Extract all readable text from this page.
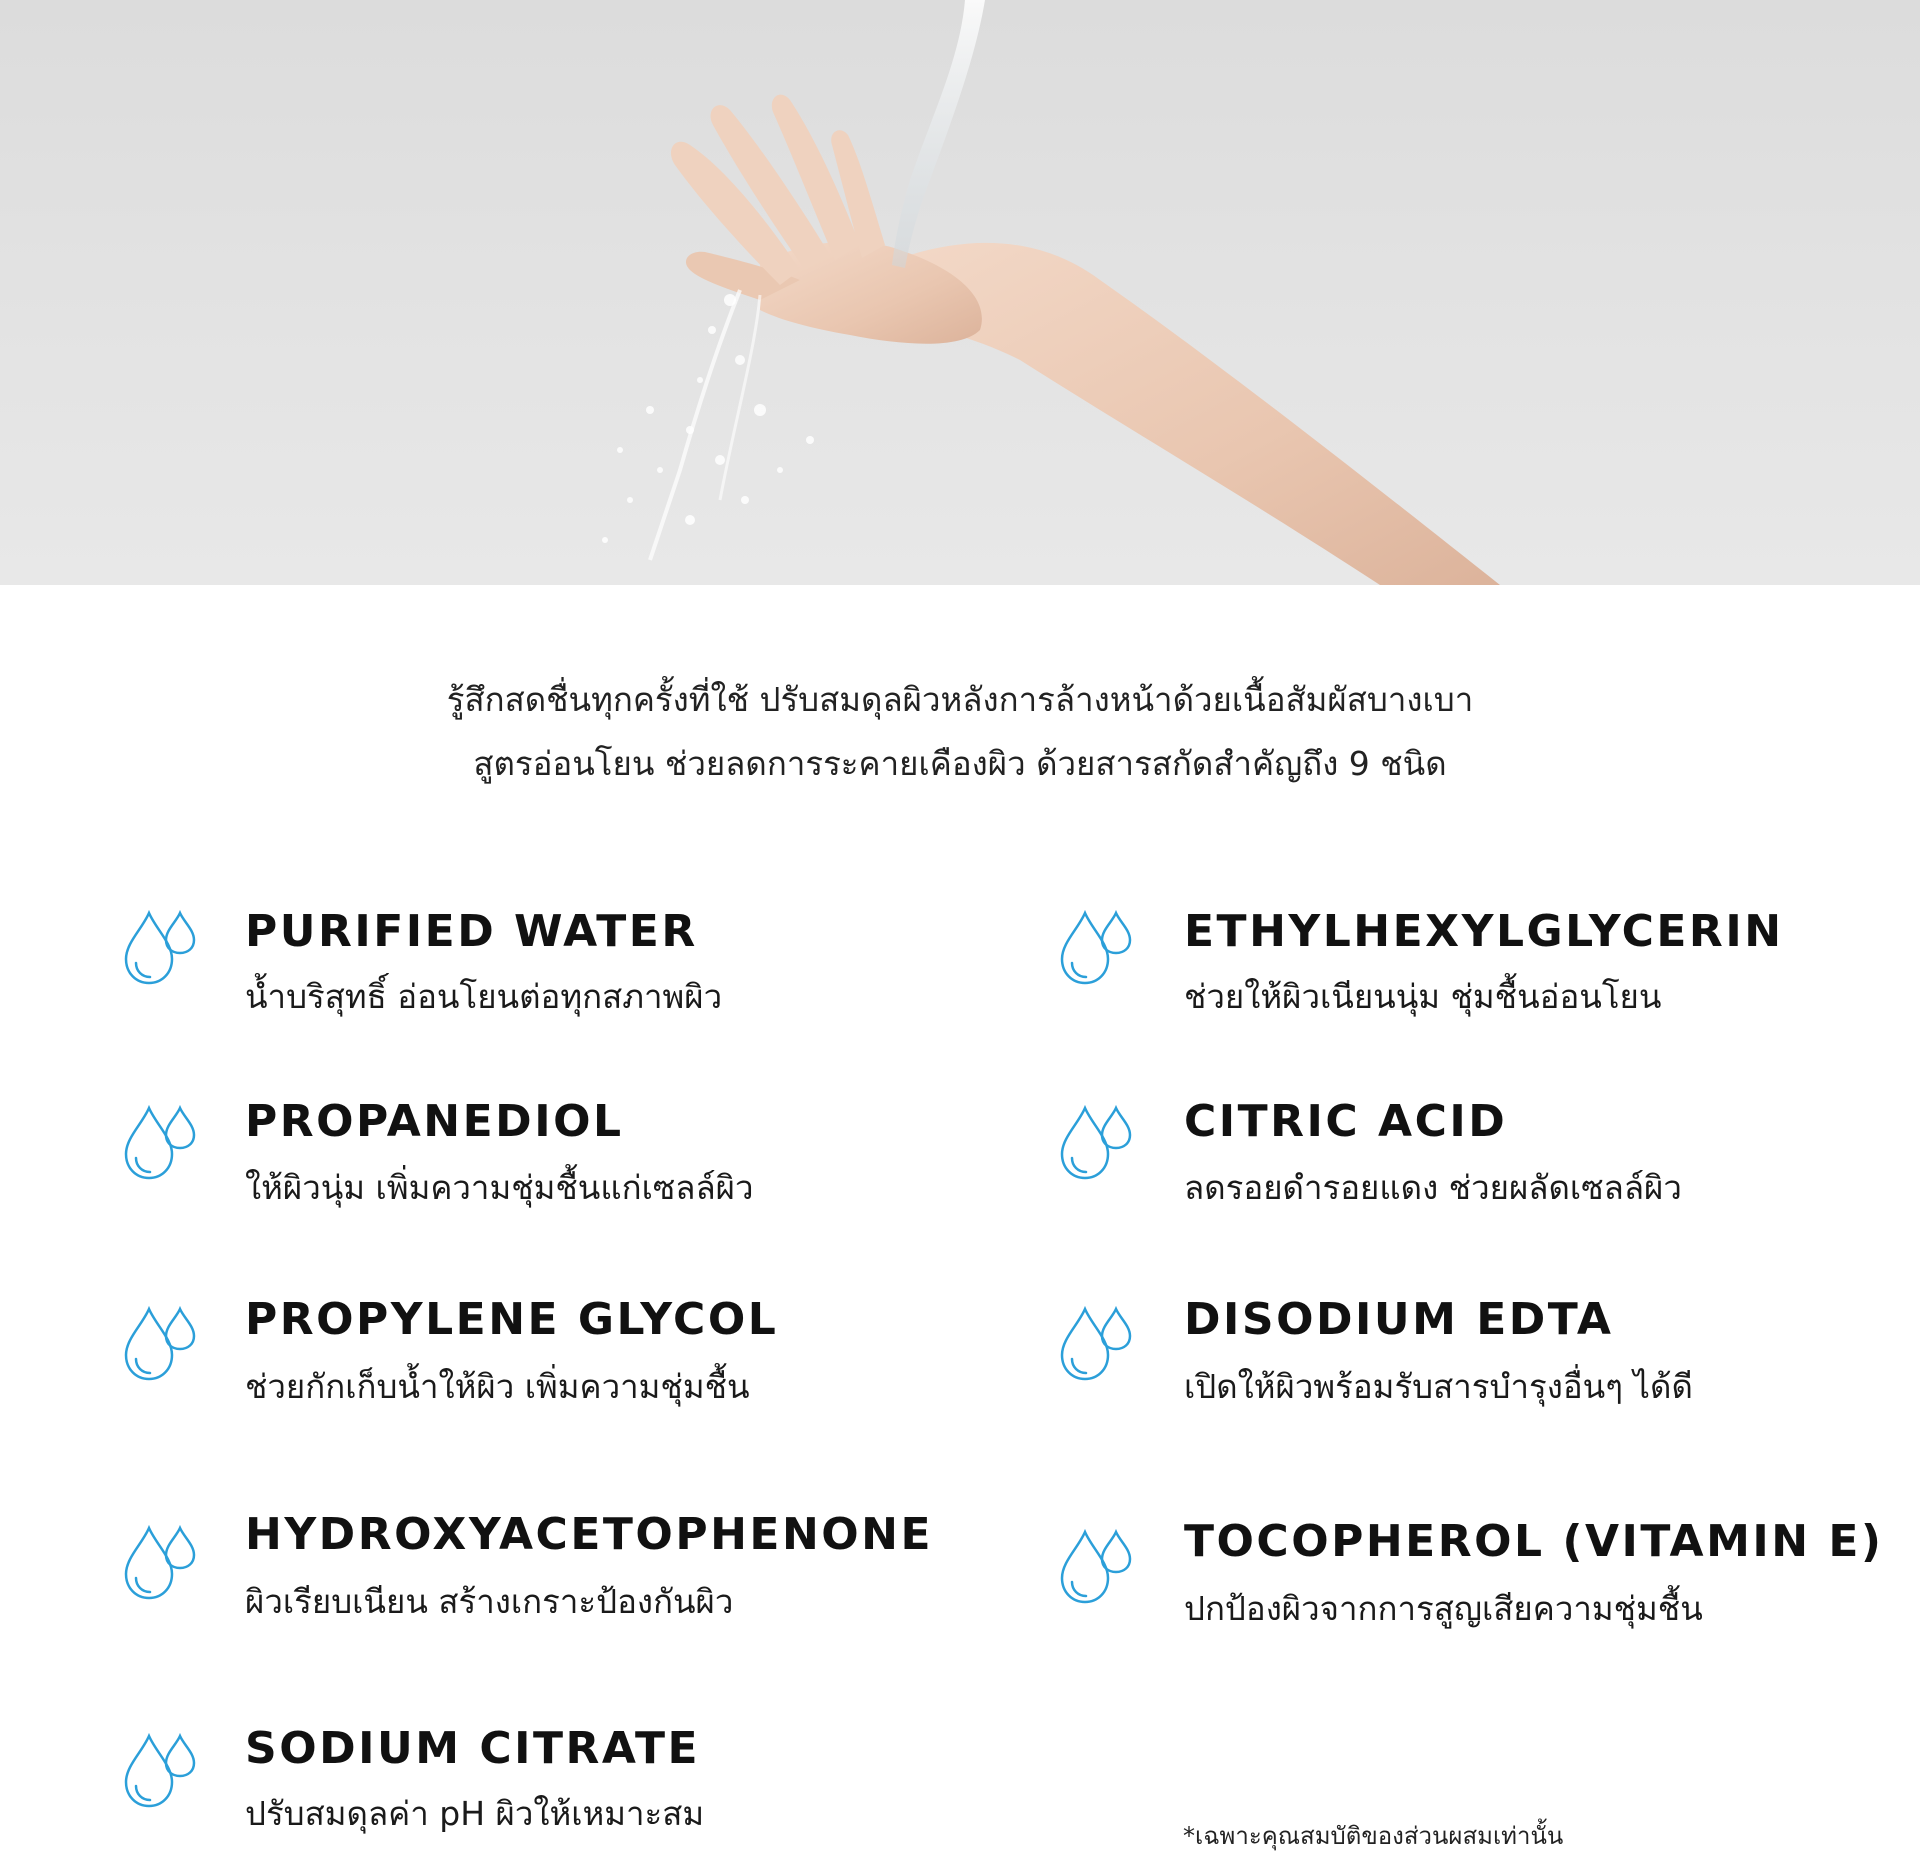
รู้สึกสดชื่นทุกครั้งที่ใช้ ปรับสมดุลผิวหลังการล้างหน้าด้วยเนื้อสัมผัสบางเบา
สูตรอ่อนโยน ช่วยลดการระคายเคืองผิว ด้วยสารสกัดสำคัญถึง 9 ชนิด
PURIFIED WATER
น้ำบริสุทธิ์ อ่อนโยนต่อทุกสภาพผิว
ETHYLHEXYLGLYCERIN
ช่วยให้ผิวเนียนนุ่ม ชุ่มชื้นอ่อนโยน
PROPANEDIOL
ให้ผิวนุ่ม เพิ่มความชุ่มชื้นแก่เซลล์ผิว
CITRIC ACID
ลดรอยดำรอยแดง ช่วยผลัดเซลล์ผิว
PROPYLENE GLYCOL
ช่วยกักเก็บน้ำให้ผิว เพิ่มความชุ่มชื้น
DISODIUM EDTA
เปิดให้ผิวพร้อมรับสารบำรุงอื่นๆ ได้ดี
HYDROXYACETOPHENONE
ผิวเรียบเนียน สร้างเกราะป้องกันผิว
TOCOPHEROL (VITAMIN E)
ปกป้องผิวจากการสูญเสียความชุ่มชื้น
SODIUM CITRATE
ปรับสมดุลค่า pH ผิวให้เหมาะสม
*เฉพาะคุณสมบัติของส่วนผสมเท่านั้น
